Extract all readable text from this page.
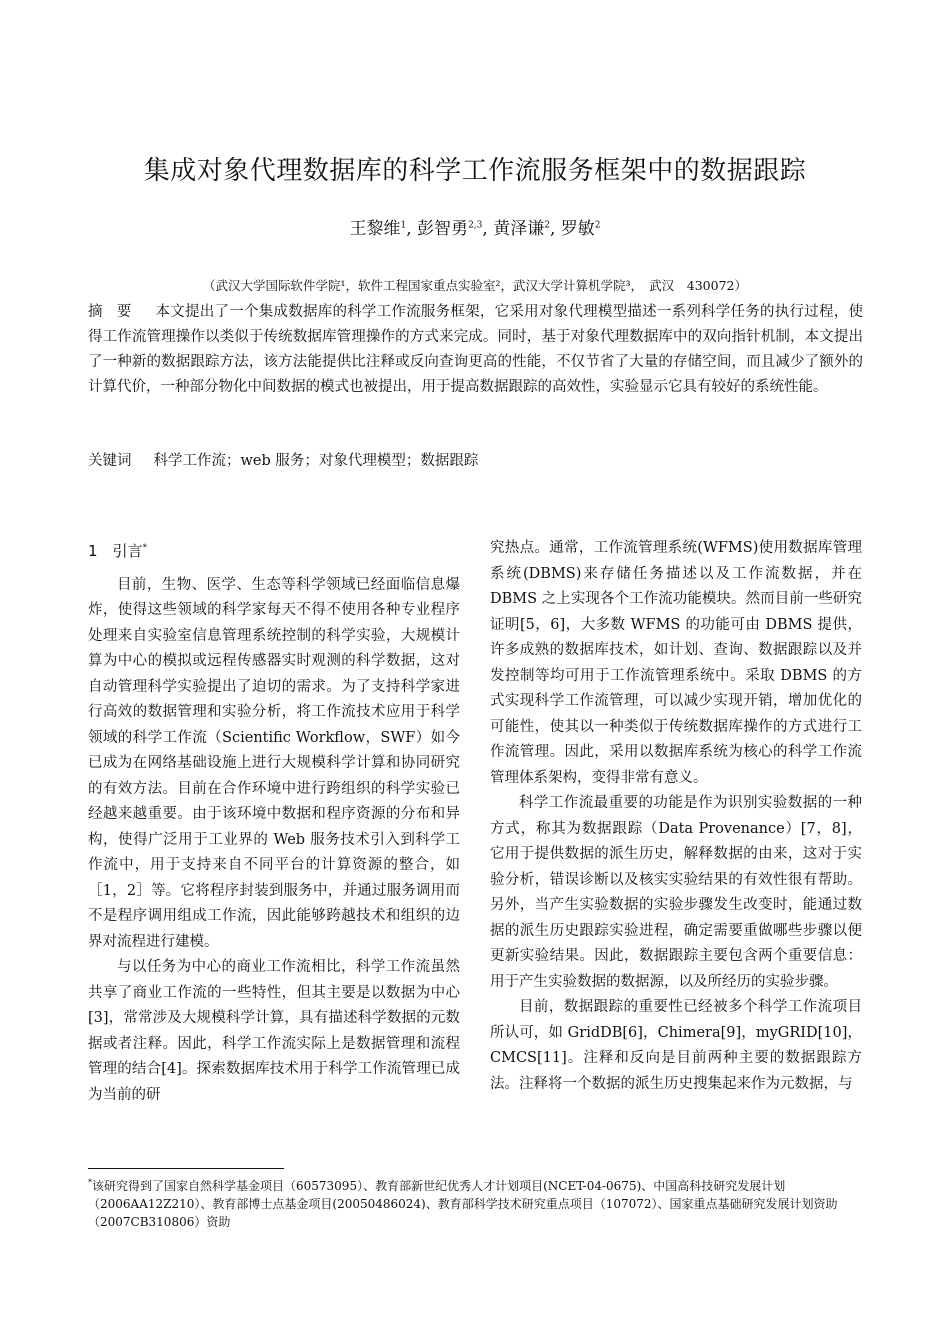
集成对象代理数据库的科学工作流服务框架中的数据跟踪
王黎维$^1$, 彭智勇$^{2,3}$, 黄泽谦$^2$, 罗敏$^2$
（武汉大学国际软件学院¹，软件工程国家重点实验室²，武汉大学计算机学院³，　武汉　430072）

摘要 本文提出了一个集成数据库的科学工作流服务框架，它采用对象代理模型描述一系列科学任务的执行过程，使得工作流管理操作以类似于传统数据库管理操作的方式来完成。同时，基于对象代理数据库中的双向指针机制，本文提出了一种新的数据跟踪方法，该方法能提供比注释或反向查询更高的性能，不仅节省了大量的存储空间，而且减少了额外的计算代价，一种部分物化中间数据的模式也被提出，用于提高数据跟踪的高效性，实验显示它具有较好的系统性能。

关键词 科学工作流；web 服务；对象代理模型；数据跟踪

1  引言*

目前，生物、医学、生态等科学领域已经面临信息爆炸，使得这些领域的科学家每天不得不使用各种专业程序处理来自实验室信息管理系统控制的科学实验，大规模计算为中心的模拟或远程传感器实时观测的科学数据，这对自动管理科学实验提出了迫切的需求。为了支持科学家进行高效的数据管理和实验分析，将工作流技术应用于科学领域的科学工作流（Scientific Workflow，SWF）如今已成为在网络基础设施上进行大规模科学计算和协同研究的有效方法。目前在合作环境中进行跨组织的科学实验已经越来越重要。由于该环境中数据和程序资源的分布和异构，使得广泛用于工业界的 Web 服务技术引入到科学工作流中，用于支持来自不同平台的计算资源的整合，如［1，2］等。它将程序封装到服务中，并通过服务调用而不是程序调用组成工作流，因此能够跨越技术和组织的边界对流程进行建模。

与以任务为中心的商业工作流相比，科学工作流虽然共享了商业工作流的一些特性，但其主要是以数据为中心[3]，常常涉及大规模科学计算，具有描述科学数据的元数据或者注释。因此，科学工作流实际上是数据管理和流程管理的结合[4]。探索数据库技术用于科学工作流管理已成为当前的研

究热点。通常，工作流管理系统(WFMS)使用数据库管理系统(DBMS)来存储任务描述以及工作流数据，并在 DBMS 之上实现各个工作流功能模块。然而目前一些研究证明[5，6]，大多数 WFMS 的功能可由 DBMS 提供，许多成熟的数据库技术，如计划、查询、数据跟踪以及并发控制等均可用于工作流管理系统中。采取 DBMS 的方式实现科学工作流管理，可以减少实现开销，增加优化的可能性，使其以一种类似于传统数据库操作的方式进行工作流管理。因此，采用以数据库系统为核心的科学工作流管理体系架构，变得非常有意义。

科学工作流最重要的功能是作为识别实验数据的一种方式，称其为数据跟踪（Data Provenance）[7，8]，它用于提供数据的派生历史，解释数据的由来，这对于实验分析，错误诊断以及核实实验结果的有效性很有帮助。另外，当产生实验数据的实验步骤发生改变时，能通过数据的派生历史跟踪实验进程，确定需要重做哪些步骤以便更新实验结果。因此，数据跟踪主要包含两个重要信息：用于产生实验数据的数据源，以及所经历的实验步骤。

目前，数据跟踪的重要性已经被多个科学工作流项目所认可，如 GridDB[6]，Chimera[9]，myGRID[10]，CMCS[11]。注释和反向是目前两种主要的数据跟踪方法。注释将一个数据的派生历史搜集起来作为元数据，与

*该研究得到了国家自然科学基金项目（60573095）、教育部新世纪优秀人才计划项目(NCET-04-0675)、中国高科技研究发展计划（2006AA12Z210）、教育部博士点基金项目(20050486024)、教育部科学技术研究重点项目（107072）、国家重点基础研究发展计划资助（2007CB310806）资助
